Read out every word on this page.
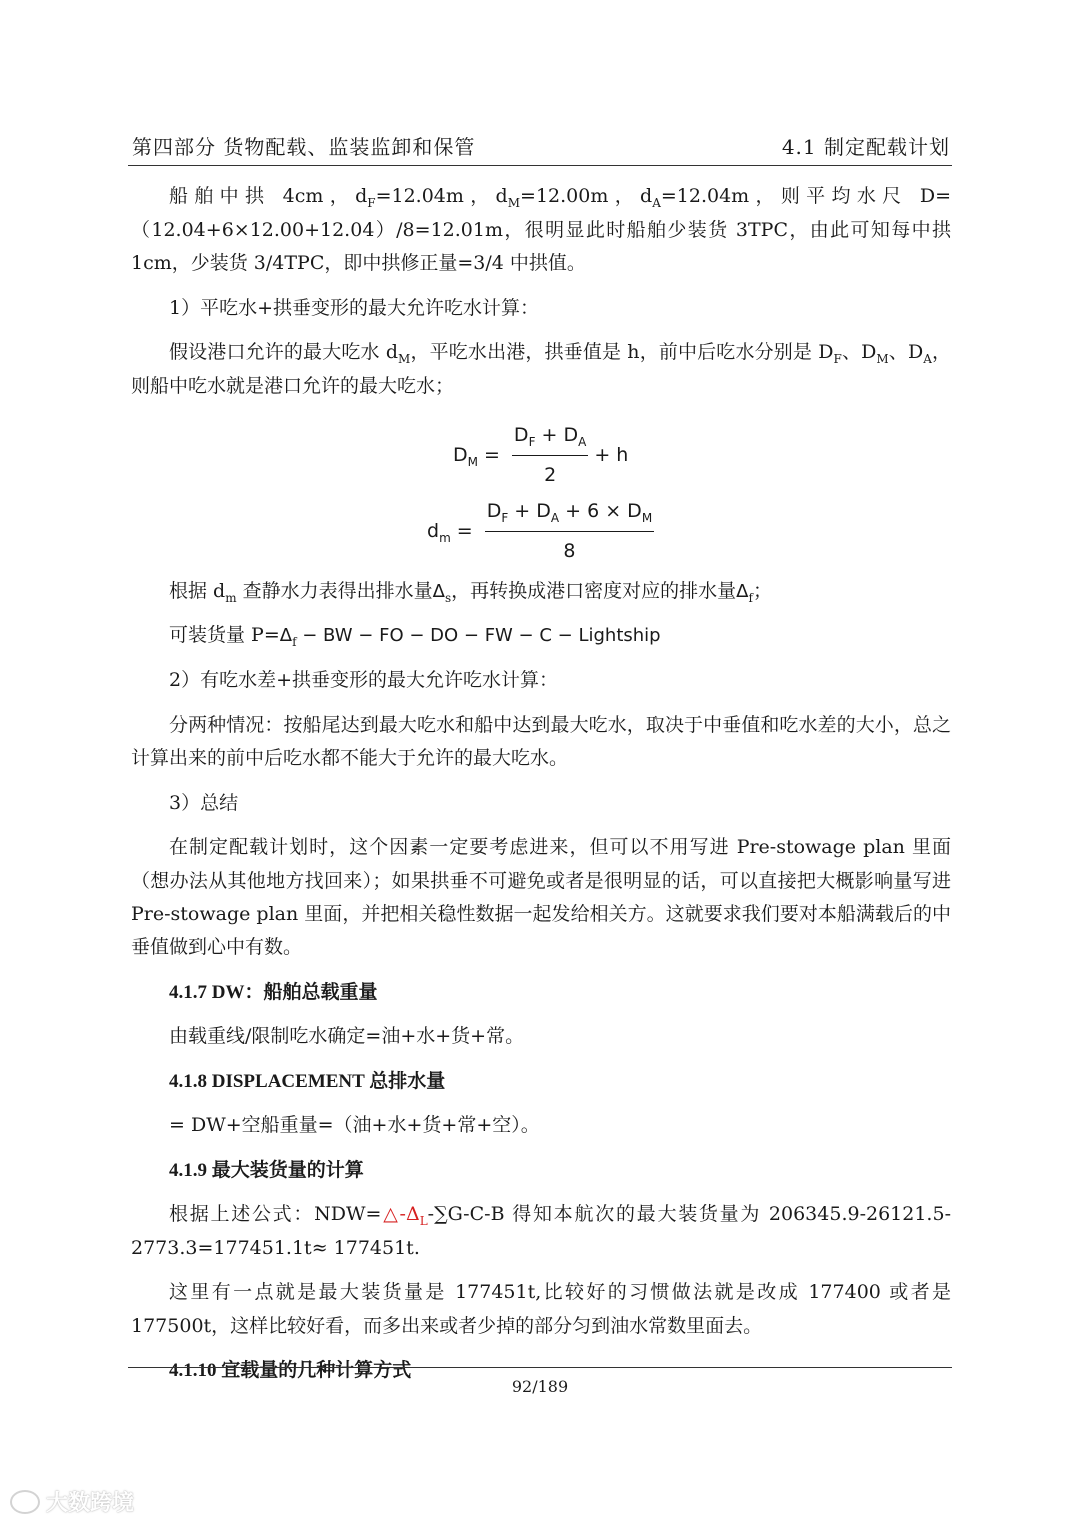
第四部分 货物配载、监装监卸和保管	4.1 制定配载计划

船舶中拱 4cm，$d_F=12.04m$，$d_M=12.00m$，$d_A=12.04m$，则平均水尺 D=（12.04+6×12.00+12.04）/8=12.01m，很明显此时船舶少装货 3TPC，由此可知每中拱 1cm，少装货 3/4TPC，即中拱修正量=3/4 中拱值。

1）平吃水+拱垂变形的最大允许吃水计算：

假设港口允许的最大吃水 $d_M$，平吃水出港，拱垂值是 h，前中后吃水分别是 $D_F$、$D_M$、$D_A$，则船中吃水就是港口允许的最大吃水；

$D_M = \frac{D_F + D_A}{2} + h$
$d_m = \frac{D_F + D_A + 6 \times D_M}{8}$

根据 $d_m$ 查静水力表得出排水量$\Delta_s$，再转换成港口密度对应的排水量$\Delta_f$；

可装货量 $P=\Delta_f$ − BW − FO − DO − FW − C − Lightship

2）有吃水差+拱垂变形的最大允许吃水计算：

分两种情况：按船尾达到最大吃水和船中达到最大吃水，取决于中垂值和吃水差的大小，总之计算出来的前中后吃水都不能大于允许的最大吃水。

3）总结

在制定配载计划时，这个因素一定要考虑进来，但可以不用写进 Pre-stowage plan 里面（想办法从其他地方找回来）；如果拱垂不可避免或者是很明显的话，可以直接把大概影响量写进 Pre-stowage plan 里面，并把相关稳性数据一起发给相关方。这就要求我们要对本船满载后的中垂值做到心中有数。

4.1.7 DW：船舶总载重量

由载重线/限制吃水确定=油+水+货+常。

4.1.8 DISPLACEMENT 总排水量

= DW+空船重量=（油+水+货+常+空）。

4.1.9 最大装货量的计算

根据上述公式：$NDW=\triangle-\Delta_L-\sum G-C-B$ 得知本航次的最大装货量为 206345.9-26121.5-2773.3=177451.1t≈ 177451t.

这里有一点就是最大装货量是 177451t,比较好的习惯做法就是改成 177400 或者是 177500t，这样比较好看，而多出来或者少掉的部分匀到油水常数里面去。

4.1.10 宜载量的几种计算方式

92/189
大数跨境
